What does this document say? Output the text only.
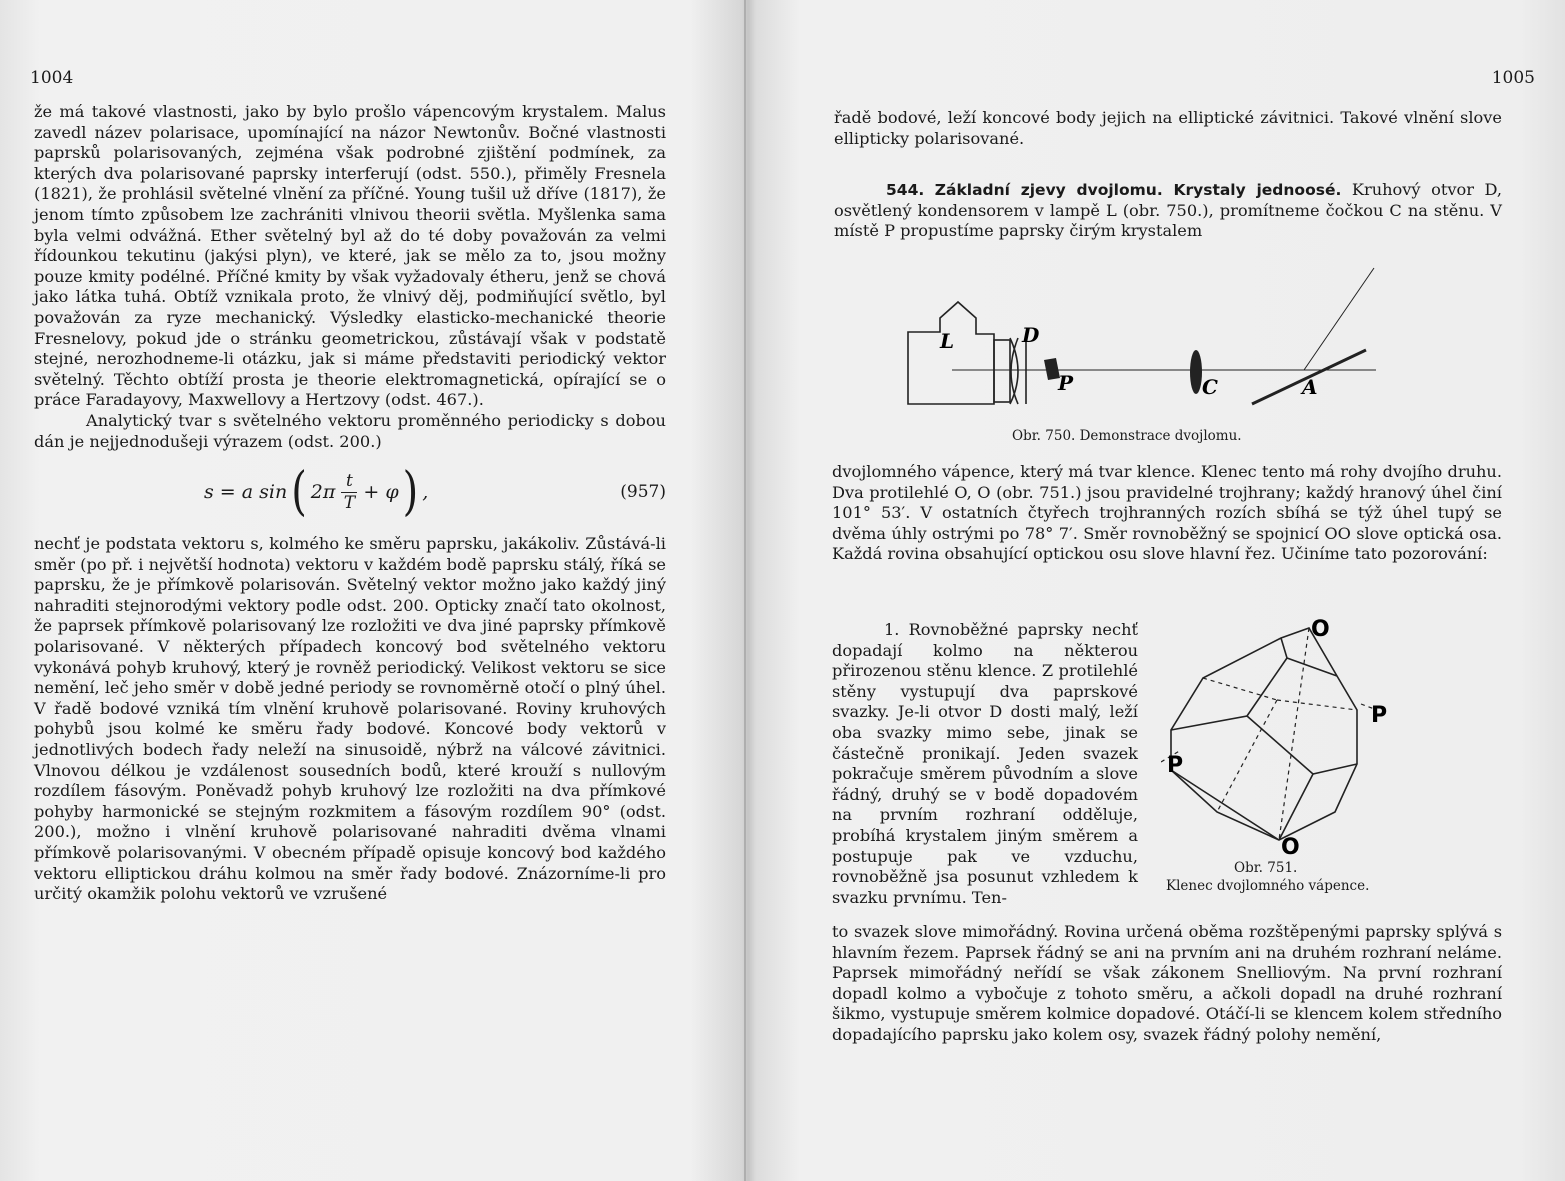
1004

že má takové vlastnosti, jako by bylo prošlo vápencovým krystalem. Malus zavedl název polarisace, upomínající na názor Newtonův. Bočné vlastnosti paprsků polarisovaných, zejména však podrobné zjištění podmínek, za kterých dva polarisované paprsky interferují (odst. 550.), přiměly Fresnela (1821), že prohlásil světelné vlnění za příčné. Young tušil už dříve (1817), že jenom tímto způsobem lze zachrániti vlnivou theorii světla. Myšlenka sama byla velmi odvážná. Ether světelný byl až do té doby považován za velmi řídounkou tekutinu (jakýsi plyn), ve které, jak se mělo za to, jsou možny pouze kmity podélné. Příčné kmity by však vyžadovaly étheru, jenž se chová jako látka tuhá. Obtíž vznikala proto, že vlnivý děj, podmiňující světlo, byl považován za ryze mechanický. Výsledky elasticko-mechanické theorie Fresnelovy, pokud jde o stránku geometrickou, zůstávají však v podstatě stejné, nerozhodneme-li otázku, jak si máme představiti periodický vektor světelný. Těchto obtíží prosta je theorie elektromagnetická, opírající se o práce Faradayovy, Maxwellovy a Hertzovy (odst. 467.).

Analytický tvar s světelného vektoru proměnného periodicky s dobou dán je nejjednodušeji výrazem (odst. 200.)

s = a sin ( $2\pi \frac{t}{T} + \varphi$ ) ,	(957)

nechť je podstata vektoru s, kolmého ke směru paprsku, jakákoliv. Zůstává-li směr (po př. i největší hodnota) vektoru v každém bodě paprsku stálý, říká se paprsku, že je přímkově polarisován. Světelný vektor možno jako každý jiný nahraditi stejnorodými vektory podle odst. 200. Opticky značí tato okolnost, že paprsek přímkově polarisovaný lze rozložiti ve dva jiné paprsky přímkově polarisované. V některých případech koncový bod světelného vektoru vykonává pohyb kruhový, který je rovněž periodický. Velikost vektoru se sice nemění, leč jeho směr v době jedné periody se rovnoměrně otočí o plný úhel. V řadě bodové vzniká tím vlnění kruhově polarisované. Roviny kruhových pohybů jsou kolmé ke směru řady bodové. Koncové body vektorů v jednotlivých bodech řady neleží na sinusoidě, nýbrž na válcové závitnici. Vlnovou délkou je vzdálenost sousedních bodů, které krouží s nullovým rozdílem fásovým. Poněvadž pohyb kruhový lze rozložiti na dva přímkové pohyby harmonické se stejným rozkmitem a fásovým rozdílem 90° (odst. 200.), možno i vlnění kruhově polarisované nahraditi dvěma vlnami přímkově polarisovanými. V obecném případě opisuje koncový bod každého vektoru elliptickou dráhu kolmou na směr řady bodové. Znázorníme-li pro určitý okamžik polohu vektorů ve vzrušené

1005

řadě bodové, leží koncové body jejich na elliptické závitnici. Takové vlnění slove ellipticky polarisované.

544. Základní zjevy dvojlomu. Krystaly jednoosé. Kruhový otvor D, osvětlený kondensorem v lampě L (obr. 750.), promítneme čočkou C na stěnu. V místě P propustíme paprsky čirým krystalem

L	D
P	C	A
Obr. 750. Demonstrace dvojlomu.

dvojlomného vápence, který má tvar klence. Klenec tento má rohy dvojího druhu. Dva protilehlé O, O (obr. 751.) jsou pravidelné trojhrany; každý hranový úhel činí 101° 53′. V ostatních čtyřech trojhranných rozích sbíhá se týž úhel tupý se dvěma úhly ostrými po 78° 7′. Směr rovnoběžný se spojnicí OO slove optická osa. Každá rovina obsahující optickou osu slove hlavní řez. Učiníme tato pozorování:

1. Rovnoběžné paprsky nechť dopadají kolmo na některou přirozenou stěnu klence. Z protilehlé stěny vystupují dva paprskové svazky. Je-li otvor D dosti malý, leží oba svazky mimo sebe, jinak se částečně pronikají. Jeden svazek pokračuje směrem původním a slove řádný, druhý se v bodě dopadovém na prvním rozhraní odděluje, probíhá krystalem jiným směrem a postupuje pak ve vzduchu, rovnoběžně jsa posunut vzhledem k svazku prvnímu. Ten-

O
O
P
P
Obr. 751.
Klenec dvojlomného vápence.

to svazek slove mimořádný. Rovina určená oběma rozštěpenými paprsky splývá s hlavním řezem. Paprsek řádný se ani na prvním ani na druhém rozhraní neláme. Paprsek mimořádný neřídí se však zákonem Snelliovým. Na první rozhraní dopadl kolmo a vybočuje z tohoto směru, a ačkoli dopadl na druhé rozhraní šikmo, vystupuje směrem kolmice dopadové. Otáčí-li se klencem kolem středního dopadajícího paprsku jako kolem osy, svazek řádný polohy nemění,
